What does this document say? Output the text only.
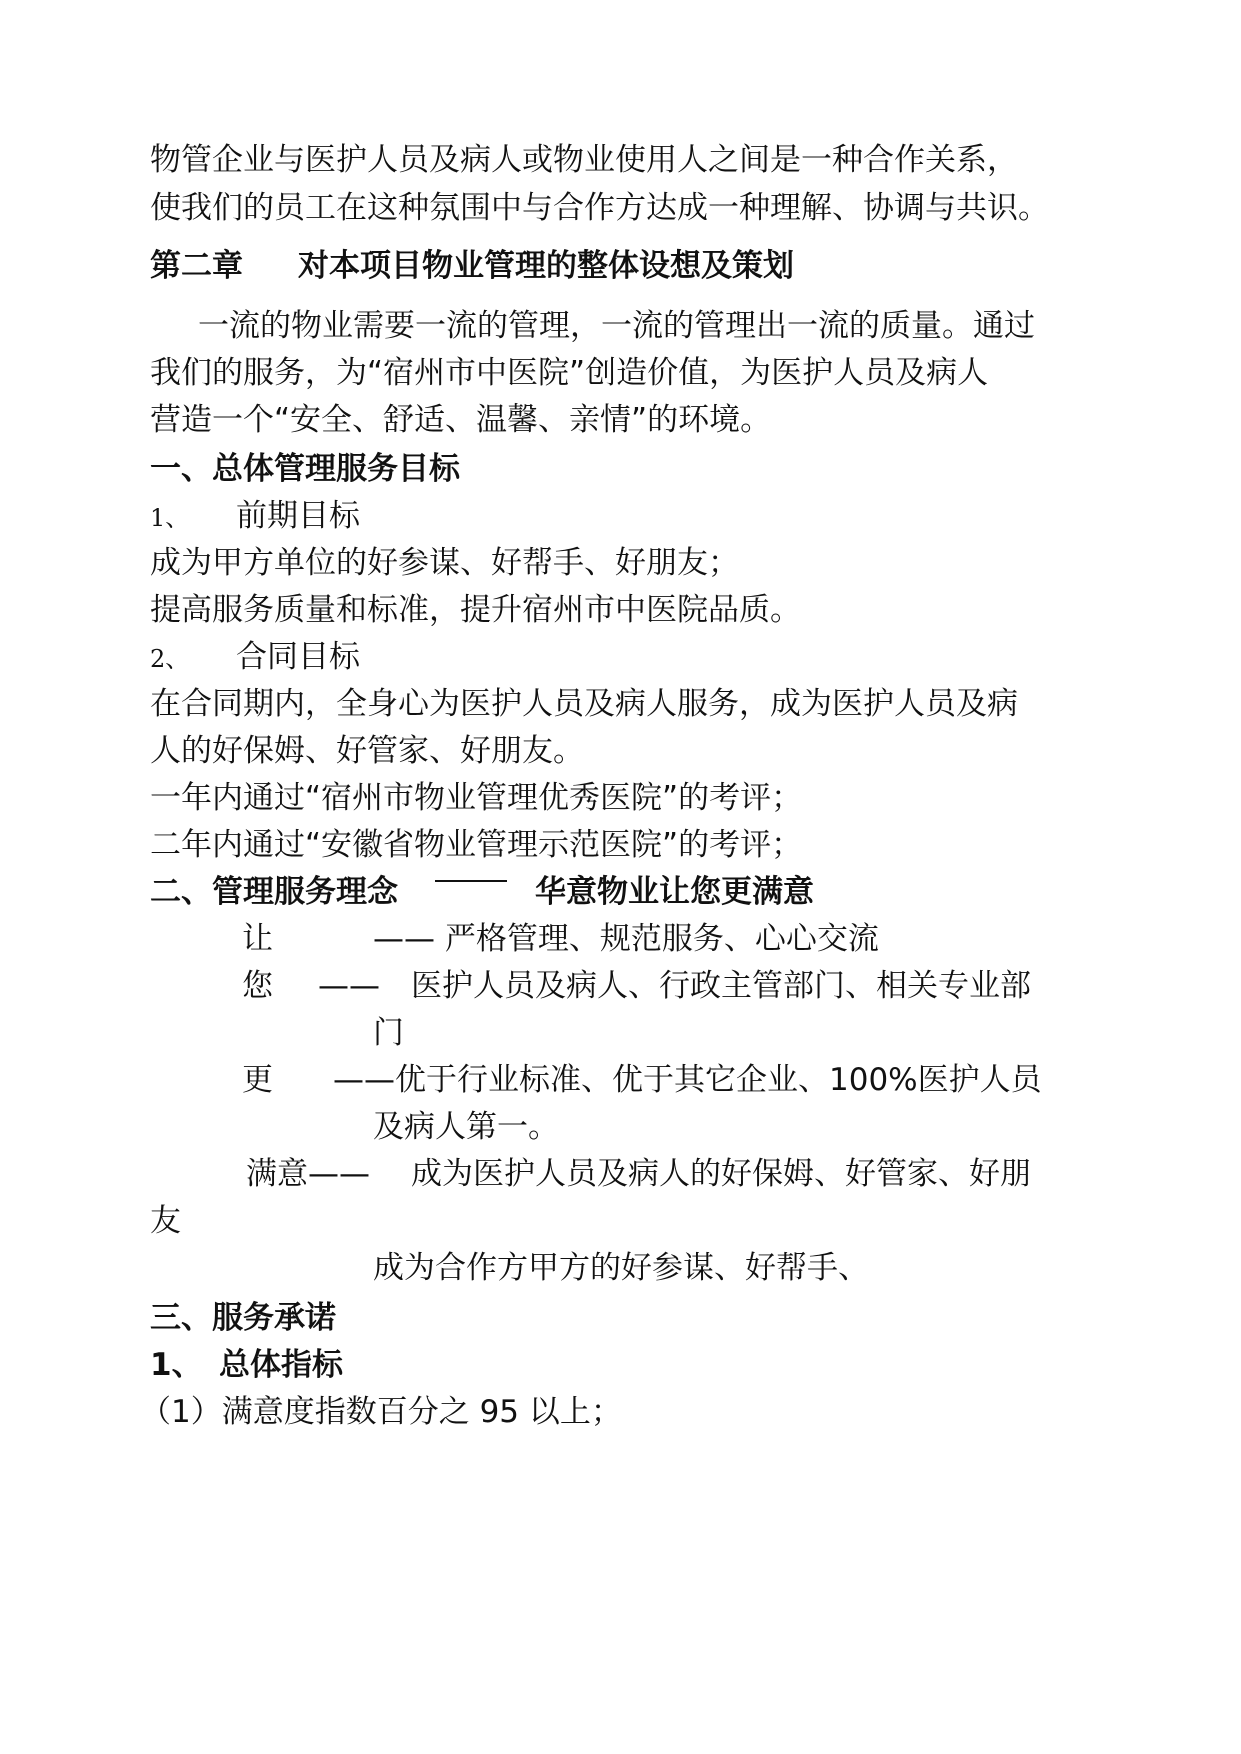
物管企业与医护人员及病人或物业使用人之间是一种合作关系，
使我们的员工在这种氛围中与合作方达成一种理解、协调与共识。
第二章 对本项目物业管理的整体设想及策划
一流的物业需要一流的管理，一流的管理出一流的质量。通过
我们的服务，为“宿州市中医院”创造价值，为医护人员及病人
营造一个“安全、舒适、温馨、亲情”的环境。
一、总体管理服务目标
1、 前期目标
成为甲方单位的好参谋、好帮手、好朋友；
提高服务质量和标准，提升宿州市中医院品质。
2、 合同目标
在合同期内，全身心为医护人员及病人服务，成为医护人员及病
人的好保姆、好管家、好朋友。
一年内通过“宿州市物业管理优秀医院”的考评；
二年内通过“安徽省物业管理示范医院”的考评；
二、管理服务理念	华意物业让您更满意
让	—— 严格管理、规范服务、心心交流
您 —— 医护人员及病人、行政主管部门、相关专业部
门
更 ——优于行业标准、优于其它企业、100%医护人员
及病人第一。
满意—— 成为医护人员及病人的好保姆、好管家、好朋
友
成为合作方甲方的好参谋、好帮手、
三、服务承诺
1、 总体指标
（1）满意度指数百分之 95 以上；
